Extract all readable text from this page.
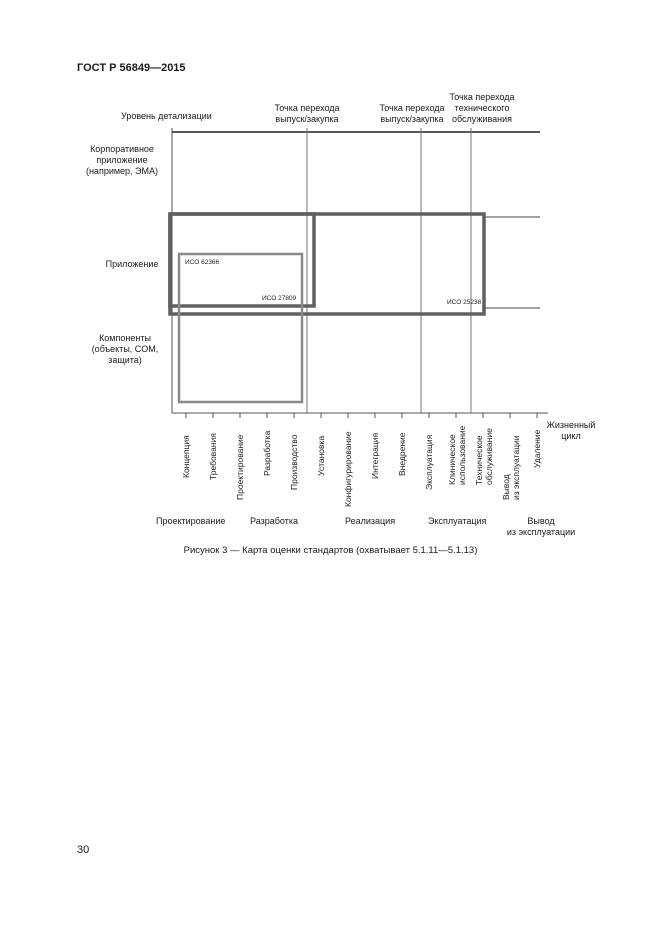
ГОСТ Р 56849—2015
Уровень детализации
Точка перехода
выпуск/закупка
Точка перехода
выпуск/закупка
Точка перехода
технического
обслуживания
Корпоративное
приложение
(например, ЭМА)
Приложение
Компоненты
(объекты, COM,
защита)
ИСО 62366
ИСО 27809
ИСО 25238
Жизненный
цикл
Концепция Требования Проектирование Разработка Производство Установка Конфигурирование Интеграция Внедрение Эксплуатация Клиническое использование Техническое обслуживание
Вывод из эксплуатации Удаление
Проектирование	Разработка	Реализация	Эксплуатация	Вывод
из эксплуатации
Рисунок 3 — Карта оценки стандартов (охватывает 5.1.11—5.1.13)
30
